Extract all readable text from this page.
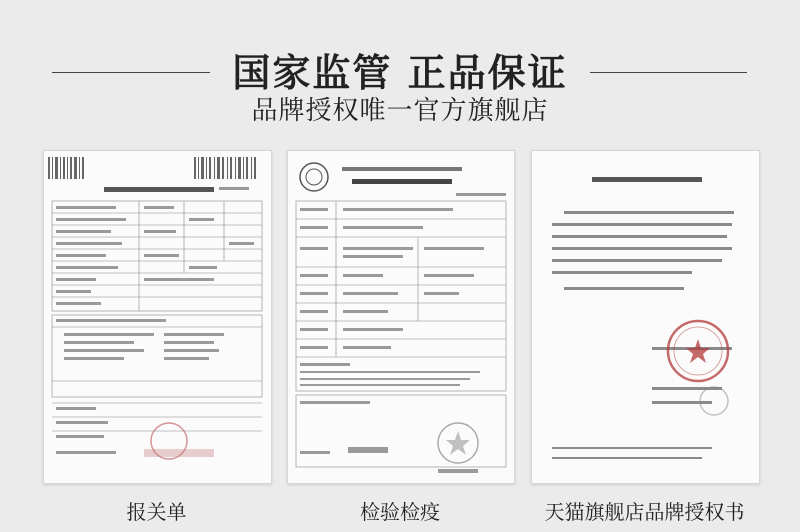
国家监管 正品保证
品牌授权唯一官方旗舰店
报关单	检验检疫	天猫旗舰店品牌授权书
